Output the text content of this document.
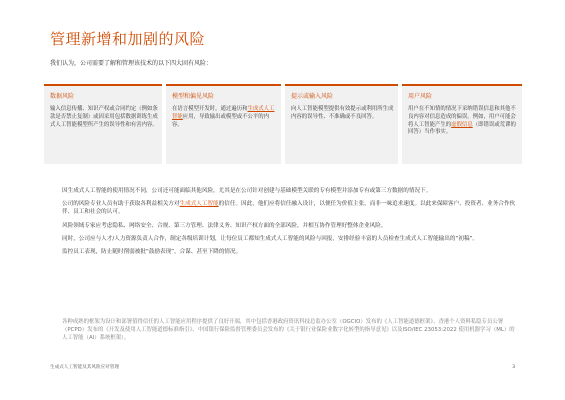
管理新增和加剧的风险
我们认为，公司需要了解和管理该技术的以下四大固有风险：
数据风险
输入信息传播、知识产权或合同约定（例如条款是否禁止复制）或因采用包括数据训练生成式人工智能模型所产生的误导性和有害内容。
模型和偏见风险
在语言模型开发时，通过遍历和生成式人工智能应用，导致输出或模型或不公平的内容。
提示或输入风险
向人工智能模型提供有效提示或利用所生成内容的误导性、不准确或不良回答。
用户风险
用户在不知情的情况下采纳错误信息和其他不良内容对信息造成的偏误。例如，用户可能会将人工智能产生的虚假信息（即错误或荒谬的回答）当作事实。

因生成式人工智能的使用情况不同，公司还可能面临其他风险，尤其是在公司针对创建与基础模型关联的专有模型并添加专有或第三方数据的情况下。

公司的风险专业人员有助于获取各利益相关方对生成式人工智能的信任。因此，他们应将信任融入设计，以便任为价值主张，而非一味追求速度。以此来保障客户、投资者、业务合作伙伴、员工和社会的认可。

风险领域专家应考虑隐私、网络安全、合规、第三方管理、法律义务、知识产权方面的全部风险，并相互协作管理好整体企业风险。

同时，公司应与人才/人力资源负责人合作，制定各级培训计划，让每位员工都知生成式人工智能的风险与回报，安排经验丰富的人员检查生成式人工智能输出的“初稿”。

监控员工表现，防止随时削弱被批“鼓励表现”，合谋、甚至下降的情况。

各种成熟的框架为设计和部署值得信任的人工智能应用程序提供了良好开端，其中包括香港政府资讯科技总监办公室（OGCIO）发布的《人工智能道德框架》、香港个人资料私隐专员公署（PCPD）发布的《开发及使用人工智能道德标准指引》、中国银行保险监督管理委员会发布的《关于银行业保险业数字化转型的指导意见》以及ISO/IEC 23053:2022 使用机器学习（ML）的人工智能（AI）系统框架）。
生成式人工智能及其风险应对管理	3
